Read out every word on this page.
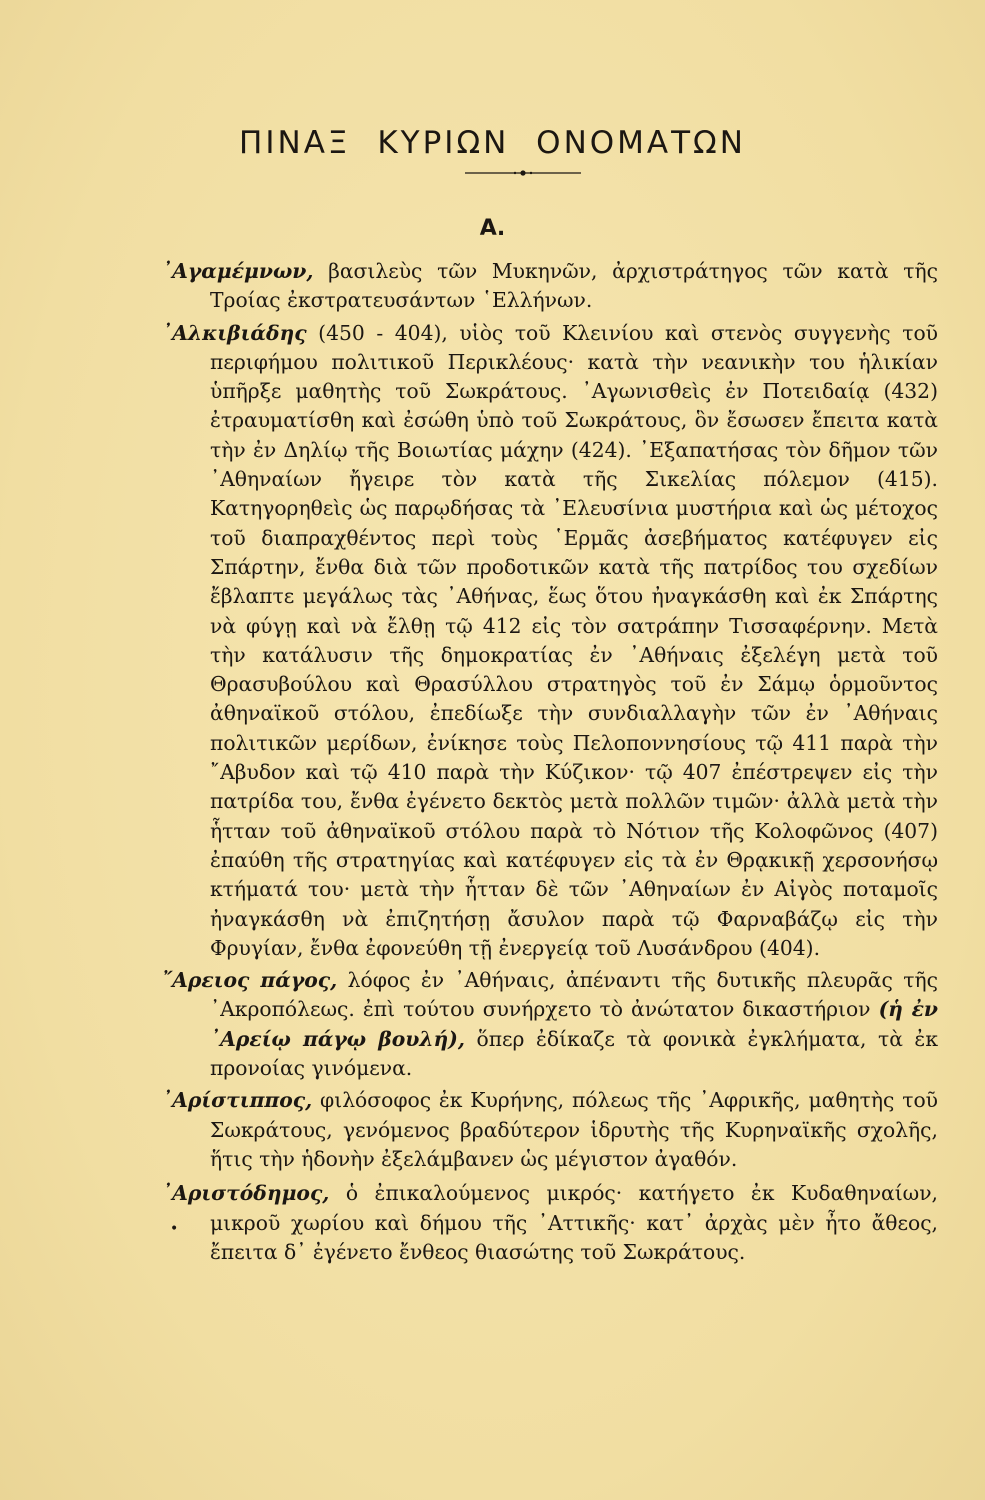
ΠΙΝΑΞ ΚΥΡΙΩΝ ΟΝΟΜΑΤΩΝ
Α.

᾽Αγαμέμνων, βασιλεὺς τῶν Μυκηνῶν, ἀρχιστράτηγος τῶν κατὰ τῆς Τροίας ἐκστρατευσάντων ῾Ελλήνων.

᾽Αλκιβιάδης (450 - 404), υἱὸς τοῦ Κλεινίου καὶ στενὸς συγγενὴς τοῦ περιφήμου πολιτικοῦ Περικλέους· κατὰ τὴν νεανικὴν του ἡλικίαν ὑπῆρξε μαθητὴς τοῦ Σωκράτους. ᾽Αγωνισθεὶς ἐν Ποτειδαίᾳ (432) ἐτραυματίσθη καὶ ἐσώθη ὑπὸ τοῦ Σωκράτους, ὃν ἔσωσεν ἔπειτα κατὰ τὴν ἐν Δηλίῳ τῆς Βοιωτίας μάχην (424). ᾽Εξαπατήσας τὸν δῆμον τῶν ᾽Αθηναίων ἤγειρε τὸν κατὰ τῆς Σικελίας πόλεμον (415). Κατηγορηθεὶς ὡς παρῳδήσας τὰ ᾽Ελευσίνια μυστήρια καὶ ὡς μέτοχος τοῦ διαπραχθέντος περὶ τοὺς ῾Ερμᾶς ἀσεβήματος κατέφυγεν εἰς Σπάρτην, ἔνθα διὰ τῶν προδοτικῶν κατὰ τῆς πατρίδος του σχεδίων ἔβλαπτε μεγάλως τὰς ᾽Αθήνας, ἕως ὅτου ἠναγκάσθη καὶ ἐκ Σπάρτης νὰ φύγῃ καὶ νὰ ἔλθῃ τῷ 412 εἰς τὸν σατράπην Τισσαφέρνην. Μετὰ τὴν κατάλυσιν τῆς δημοκρατίας ἐν ᾽Αθήναις ἐξελέγη μετὰ τοῦ Θρασυβούλου καὶ Θρασύλλου στρατηγὸς τοῦ ἐν Σάμῳ ὁρμοῦντος ἀθηναϊκοῦ στόλου, ἐπεδίωξε τὴν συνδιαλλαγὴν τῶν ἐν ᾽Αθήναις πολιτικῶν μερίδων, ἐνίκησε τοὺς Πελοποννησίους τῷ 411 παρὰ τὴν ῎Αβυδον καὶ τῷ 410 παρὰ τὴν Κύζικον· τῷ 407 ἐπέστρεψεν εἰς τὴν πατρίδα του, ἔνθα ἐγένετο δεκτὸς μετὰ πολλῶν τιμῶν· ἀλλὰ μετὰ τὴν ἧτταν τοῦ ἀθηναϊκοῦ στόλου παρὰ τὸ Νότιον τῆς Κολοφῶνος (407) ἐπαύθη τῆς στρατηγίας καὶ κατέφυγεν εἰς τὰ ἐν Θρᾳκικῇ χερσονήσῳ κτήματά του· μετὰ τὴν ἧτταν δὲ τῶν ᾽Αθηναίων ἐν Αἰγὸς ποταμοῖς ἠναγκάσθη νὰ ἐπιζητήσῃ ἄσυλον παρὰ τῷ Φαρναβάζῳ εἰς τὴν Φρυγίαν, ἔνθα ἐφονεύθη τῇ ἐνεργείᾳ τοῦ Λυσάνδρου (404).

῎Αρειος πάγος, λόφος ἐν ᾽Αθήναις, ἀπέναντι τῆς δυτικῆς πλευρᾶς τῆς ᾽Ακροπόλεως. ἐπὶ τούτου συνήρχετο τὸ ἀνώτατον δικαστήριον (ἡ ἐν ᾽Αρείῳ πάγῳ βουλή), ὅπερ ἐδίκαζε τὰ φονικὰ ἐγκλήματα, τὰ ἐκ προνοίας γινόμενα.

᾽Αρίστιππος, φιλόσοφος ἐκ Κυρήνης, πόλεως τῆς ᾽Αφρικῆς, μαθητὴς τοῦ Σωκράτους, γενόμενος βραδύτερον ἱδρυτὴς τῆς Κυρηναϊκῆς σχολῆς, ἥτις τὴν ἡδονὴν ἐξελάμβανεν ὡς μέγιστον ἀγαθόν.

᾽Αριστόδημος, ὁ ἐπικαλούμενος μικρός· κατήγετο ἐκ Κυδαθηναίων, μικροῦ χωρίου καὶ δήμου τῆς ᾽Αττικῆς· κατ᾽ ἀρχὰς μὲν ἦτο ἄθεος, ἔπειτα δ᾽ ἐγένετο ἔνθεος θιασώτης τοῦ Σωκράτους.

•
